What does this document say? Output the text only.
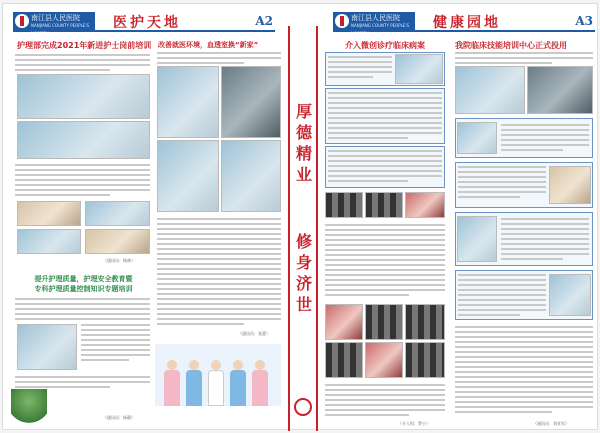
南江县人民医院
NANJIANG COUNTY PEOPLE'S HOSPITAL
医护天地	A2	南江县人民医院
NANJIANG COUNTY PEOPLE'S HOSPITAL
健康园地	A3
厚德精业
修身济世
护理部完成2021年新进护士岗前培训
（通讯员：杨林）
改善就医环境，血透室换“新家”
（通讯员：张蕾）
提升护理质量，护理安全教育暨
专科护理质量控制知识专题培训
（通讯员：杨静）
介入微创诊疗临床病案
（介入科：罗小）
我院临床技能培训中心正式投用
（通讯员：刘亚军）
